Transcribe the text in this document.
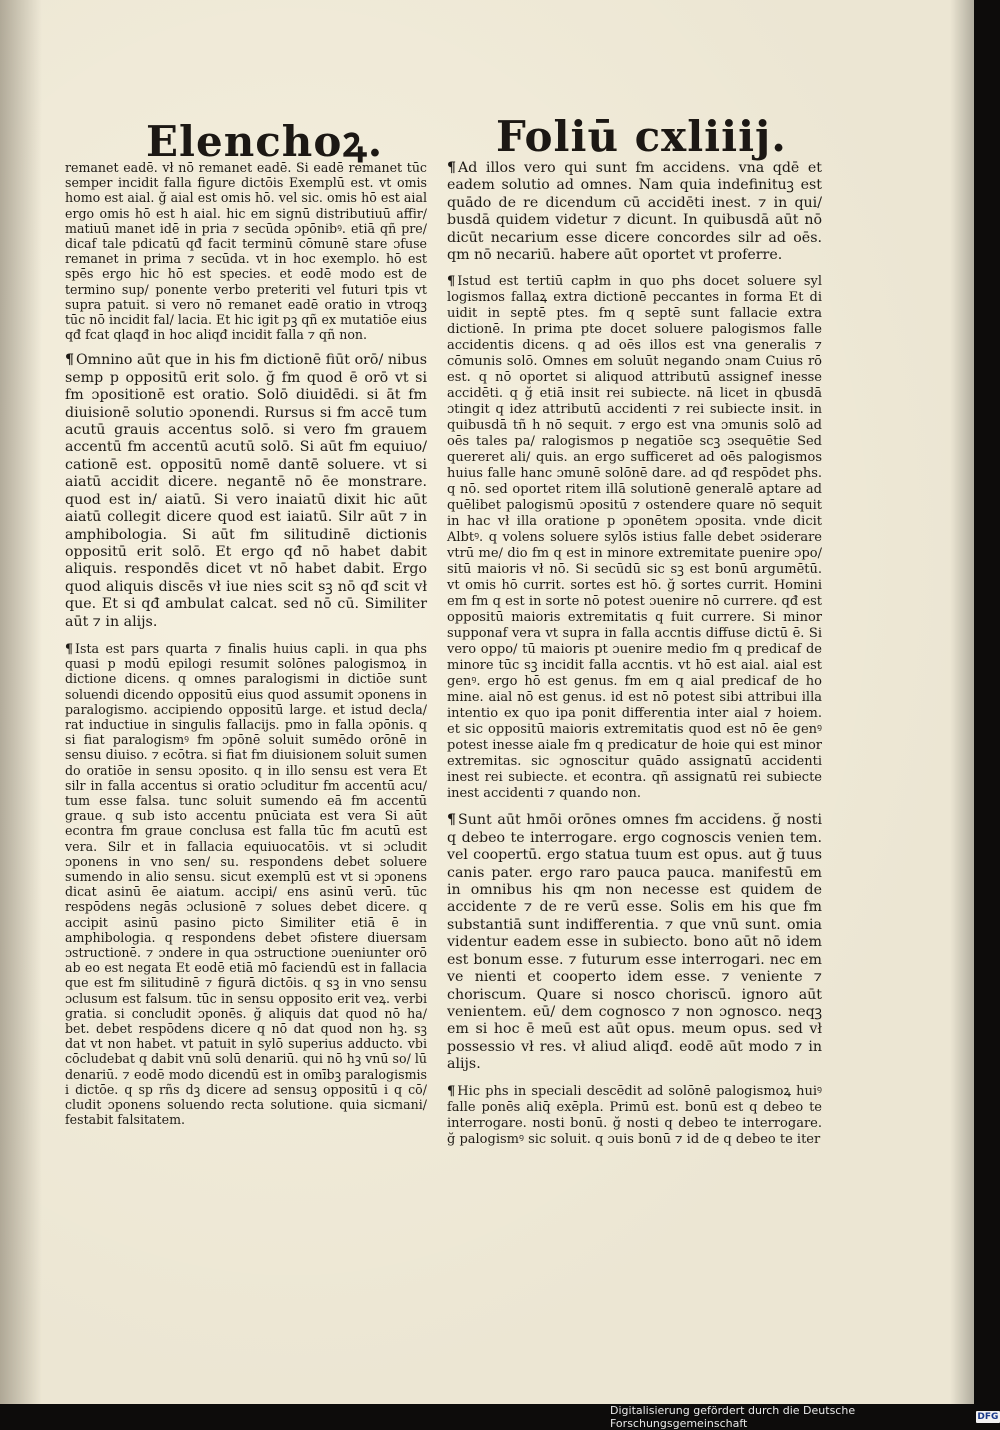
Elenchoꝝ.	Foliū cxliiij.

remanet eadē. vł nō remanet eadē. Si eadē remanet tūc semper incidit falla figure dictōis Exemplū est. vt omis homo est aial. ğ aial est omis hō. vel sic. omis hō est aial ergo omis hō est h aial. hic em signū distributiuū affir/ matiuū manet idē in pria ⁊ secūda ɔpōnibꝰ. etiā qñ pre/ dicaf tale pdicatū qđ facit terminū cōmunē stare ɔfuse remanet in prima ⁊ secūda. vt in hoc exemplo. hō est spēs ergo hic hō est species. et eodē modo est de termino sup/ ponente verbo preteriti vel futuri tpis vt supra patuit. si vero nō remanet eadē oratio in vtroqꝫ tūc nō incidit fal/ lacia. Et hic igit pꝫ qñ ex mutatiōe eius qđ fcat qlaqđ in hoc aliqđ incidit falla ⁊ qñ non.

¶ Omnino aūt que in his fm dictionē fiūt orō/ nibus semp p oppositū erit solo. ğ fm quod ē orō vt si fm ɔpositionē est oratio. Solō diuidēdi. si āt fm diuisionē solutio ɔponendi. Rursus si fm accē tum acutū grauis accentus solō. si vero fm grauem accentū fm accentū acutū solō. Si aūt fm equiuo/ cationē est. oppositū nomē dantē soluere. vt si aiatū accidit dicere. negantē nō ēe monstrare. quod est in/ aiatū. Si vero inaiatū dixit hic aūt aiatū collegit dicere quod est iaiatū. Silr aūt ⁊ in amphibologia. Si aūt fm silitudinē dictionis oppositū erit solō. Et ergo qđ nō habet dabit aliquis. respondēs dicet vt nō habet dabit. Ergo quod aliquis discēs vł iue nies scit sꝫ nō qđ scit vł que. Et si qđ ambulat calcat. sed nō cū. Similiter aūt ⁊ in alijs.

¶ Ista est pars quarta ⁊ finalis huius capli. in qua phs quasi p modū epilogi resumit solōnes palogismoꝝ in dictione dicens. q omnes paralogismi in dictiōe sunt soluendi dicendo oppositū eius quod assumit ɔponens in paralogismo. accipiendo oppositū large. et istud decla/ rat inductiue in singulis fallacijs. pmo in falla ɔpōnis. q si fiat paralogismꝰ fm ɔpōnē soluit sumēdo orōnē in sensu diuiso. ⁊ ecōtra. si fiat fm diuisionem soluit sumen do oratiōe in sensu ɔposito. q in illo sensu est vera Et silr in falla accentus si oratio ɔcluditur fm accentū acu/ tum esse falsa. tunc soluit sumendo eā fm accentū graue. q sub isto accentu pnūciata est vera Si aūt econtra fm graue conclusa est falla tūc fm acutū est vera. Silr et in fallacia equiuocatōis. vt si ɔcludit ɔponens in vno sen/ su. respondens debet soluere sumendo in alio sensu. sicut exemplū est vt si ɔponens dicat asinū ēe aiatum. accipi/ ens asinū verū. tūc respōdens negās ɔclusionē ⁊ solues debet dicere. q accipit asinū pasino picto Similiter etiā ē in amphibologia. q respondens debet ɔfistere diuersam ɔstructionē. ⁊ ɔndere in qua ɔstructione ɔueniunter orō ab eo est negata Et eodē etiā mō faciendū est in fallacia que est fm silitudinē ⁊ figurā dictōis. q sꝫ in vno sensu ɔclusum est falsum. tūc in sensu opposito erit veꝝ. verbi gratia. si concludit ɔponēs. ğ aliquis dat quod nō ha/ bet. debet respōdens dicere q nō dat quod non hꝫ. sꝫ dat vt non habet. vt patuit in sylō superius adducto. vbi cōcludebat q dabit vnū solū denariū. qui nō hꝫ vnū so/ lū denariū. ⁊ eodē modo dicendū est in omībꝫ paralogismis i dictōe. q sp rñs dꝫ dicere ad sensuꝫ oppositū i q cō/ cludit ɔponens soluendo recta solutione. quia sicmani/ festabit falsitatem.

¶ Ad illos vero qui sunt fm accidens. vna qdē et eadem solutio ad omnes. Nam quia indefinituꝫ est quādo de re dicendum cū accidēti inest. ⁊ in qui/ busdā quidem videtur ⁊ dicunt. In quibusdā aūt nō dicūt necarium esse dicere concordes silr ad oēs. qm nō necariū. habere aūt oportet vt proferre.

¶ Istud est tertiū capłm in quo phs docet soluere syl logismos fallaꝝ extra dictionē peccantes in forma Et di uidit in septē ptes. fm q septē sunt fallacie extra dictionē. In prima pte docet soluere palogismos falle accidentis dicens. q ad oēs illos est vna generalis ⁊ cōmunis solō. Omnes em soluūt negando ɔnam Cuius rō est. q nō oportet si aliquod attributū assignef inesse accidēti. q ğ etiā insit rei subiecte. nā licet in qbusdā ɔtingit q idez attributū accidenti ⁊ rei subiecte insit. in quibusdā tñ h nō sequit. ⁊ ergo est vna ɔmunis solō ad oēs tales pa/ ralogismos p negatiōe scꝫ ɔsequētie Sed quereret ali/ quis. an ergo sufficeret ad oēs palogismos huius falle hanc ɔmunē solōnē dare. ad qđ respōdet phs. q nō. sed oportet ritem illā solutionē generalē aptare ad quēlibet palogismū ɔpositū ⁊ ostendere quare nō sequit in hac vł illa oratione p ɔponētem ɔposita. vnde dicit Albtꝰ. q volens soluere sylōs istius falle debet ɔsiderare vtrū me/ dio fm q est in minore extremitate puenire ɔpo/ sitū maioris vł nō. Si secūdū sic sꝫ est bonū argumētū. vt omis hō currit. sortes est hō. ğ sortes currit. Homini em fm q est in sorte nō potest ɔuenire nō currere. qđ est oppositū maioris extremitatis q fuit currere. Si minor supponaf vera vt supra in falla accntis diffuse dictū ē. Si vero oppo/ tū maioris pt ɔuenire medio fm q predicaf de minore tūc sꝫ incidit falla accntis. vt hō est aial. aial est genꝰ. ergo hō est genus. fm em q aial predicaf de ho mine. aial nō est genus. id est nō potest sibi attribui illa intentio ex quo ipa ponit differentia inter aial ⁊ hoiem. et sic oppositū maioris extremitatis quod est nō ēe genꝰ potest inesse aiale fm q predicatur de hoie qui est minor extremitas. sic ɔgnoscitur quādo assignatū accidenti inest rei subiecte. et econtra. qñ assignatū rei subiecte inest accidenti ⁊ quando non.

¶ Sunt aūt hmōi orōnes omnes fm accidens. ğ nosti q debeo te interrogare. ergo cognoscis venien tem. vel coopertū. ergo statua tuum est opus. aut ğ tuus canis pater. ergo raro pauca pauca. manifestū em in omnibus his qm non necesse est quidem de accidente ⁊ de re verū esse. Solis em his que fm substantiā sunt indifferentia. ⁊ que vnū sunt. omia videntur eadem esse in subiecto. bono aūt nō idem est bonum esse. ⁊ futurum esse interrogari. nec em ve nienti et cooperto idem esse. ⁊ veniente ⁊ choriscum. Quare si nosco choriscū. ignoro aūt venientem. eū/ dem cognosco ⁊ non ɔgnosco. neqꝫ em si hoc ē meū est aūt opus. meum opus. sed vł possessio vł res. vł aliud aliqđ. eodē aūt modo ⁊ in alijs.

¶ Hic phs in speciali descēdit ad solōnē palogismoꝝ huiꝰ falle ponēs aliq̄ exēpla. Primū est. bonū est q debeo te interrogare. nosti bonū. ğ nosti q debeo te interrogare. ğ palogismꝰ sic soluit. q ɔuis bonū ⁊ id de q debeo te iter

Digitalisierung gefördert durch die Deutsche Forschungsgemeinschaft	DFG
